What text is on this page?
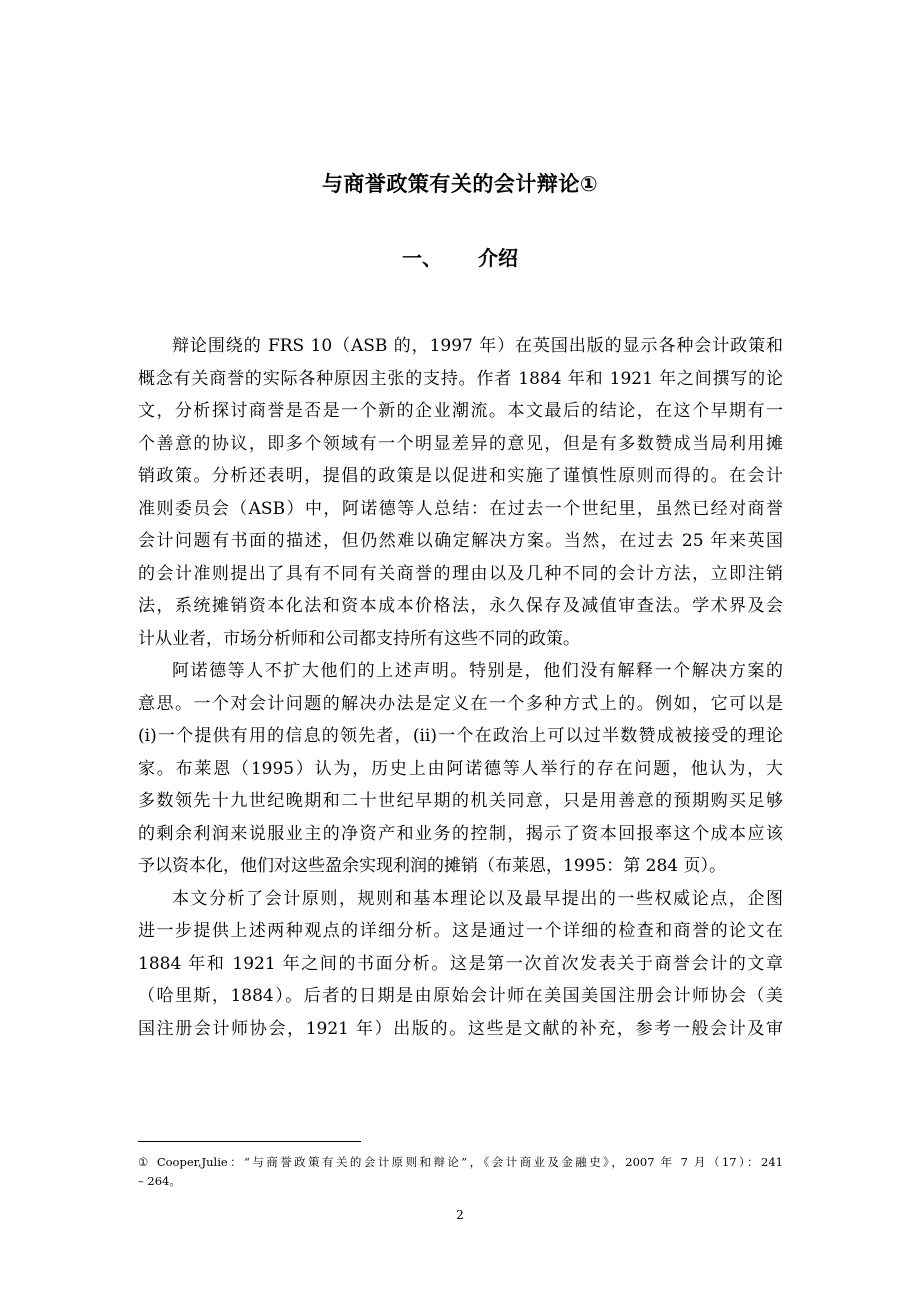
与商誉政策有关的会计辩论①
一、 介绍
辩论围绕的 FRS 10（ASB 的，1997 年）在英国出版的显示各种会计政策和
概念有关商誉的实际各种原因主张的支持。作者 1884 年和 1921 年之间撰写的论
文，分析探讨商誉是否是一个新的企业潮流。本文最后的结论，在这个早期有一
个善意的协议，即多个领域有一个明显差异的意见，但是有多数赞成当局利用摊
销政策。分析还表明，提倡的政策是以促进和实施了谨慎性原则而得的。在会计
准则委员会（ASB）中，阿诺德等人总结：在过去一个世纪里，虽然已经对商誉
会计问题有书面的描述，但仍然难以确定解决方案。当然，在过去 25 年来英国
的会计准则提出了具有不同有关商誉的理由以及几种不同的会计方法，立即注销
法，系统摊销资本化法和资本成本价格法，永久保存及减值审查法。学术界及会
计从业者，市场分析师和公司都支持所有这些不同的政策。
阿诺德等人不扩大他们的上述声明。特别是，他们没有解释一个解决方案的
意思。一个对会计问题的解决办法是定义在一个多种方式上的。例如，它可以是
(i)一个提供有用的信息的领先者，(ii)一个在政治上可以过半数赞成被接受的理论
家。布莱恩（1995）认为，历史上由阿诺德等人举行的存在问题，他认为，大
多数领先十九世纪晚期和二十世纪早期的机关同意，只是用善意的预期购买足够
的剩余利润来说服业主的净资产和业务的控制，揭示了资本回报率这个成本应该
予以资本化，他们对这些盈余实现利润的摊销（布莱恩，1995：第 284 页）。
本文分析了会计原则，规则和基本理论以及最早提出的一些权威论点，企图
进一步提供上述两种观点的详细分析。这是通过一个详细的检查和商誉的论文在
1884 年和 1921 年之间的书面分析。这是第一次首次发表关于商誉会计的文章
（哈里斯，1884）。后者的日期是由原始会计师在美国美国注册会计师协会（美
国注册会计师协会，1921 年）出版的。这些是文献的补充，参考一般会计及审
① Cooper,Julie：“与商誉政策有关的会计原则和辩论”，《会计商业及金融史》，2007 年 7 月（17）：241
– 264。
2
